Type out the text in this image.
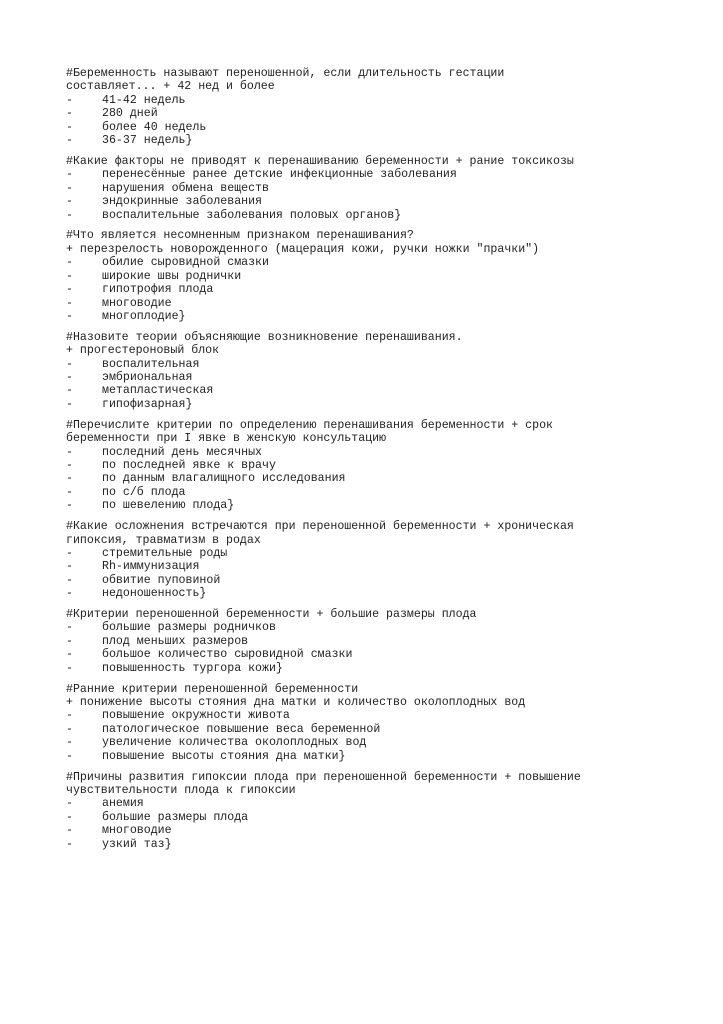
#Беременность называют переношенной, если длительность гестации
составляет... + 42 нед и более
-	41-42 недель
-	280 дней
-	более 40 недель
-	36-37 недель}
#Какие факторы не приводят к перенашиванию беременности + рание токсикозы
-	перенесённые ранее детские инфекционные заболевания
-	нарушения обмена веществ
-	эндокринные заболевания
-	воспалительные заболевания половых органов}
#Что является несомненным признаком перенашивания?
+ перезрелость новорожденного (мацерация кожи, ручки ножки "прачки")
-	обилие сыровидной смазки
-	широкие швы роднички
-	гипотрофия плода
-	многоводие
-	многоплодие}
#Назовите теории объясняющие возникновение перенашивания.
+ прогестероновый блок
-	воспалительная
-	эмбриональная
-	метапластическая
-	гипофизарная}
#Перечислите критерии по определению перенашивания беременности + срок
беременности при I явке в женскую консультацию
-	последний день месячных
-	по последней явке к врачу
-	по данным влагалищного исследования
-	по с/б плода
-	по шевелению плода}
#Какие осложнения встречаются при переношенной беременности + хроническая
гипоксия, травматизм в родах
-	стремительные роды
-	Rh-иммунизация
-	обвитие пуповиной
-	недоношенность}
#Критерии переношенной беременности + большие размеры плода
-	большие размеры родничков
-	плод меньших размеров
-	большое количество сыровидной смазки
-	повышенность тургора кожи}
#Ранние критерии переношенной беременности
+ понижение высоты стояния дна матки и количество околоплодных вод
-	повышение окружности живота
-	патологическое повышение веса беременной
-	увеличение количества околоплодных вод
-	повышение высоты стояния дна матки}
#Причины развития гипоксии плода при переношенной беременности + повышение
чувствительности плода к гипоксии
-	анемия
-	большие размеры плода
-	многоводие
-	узкий таз}
